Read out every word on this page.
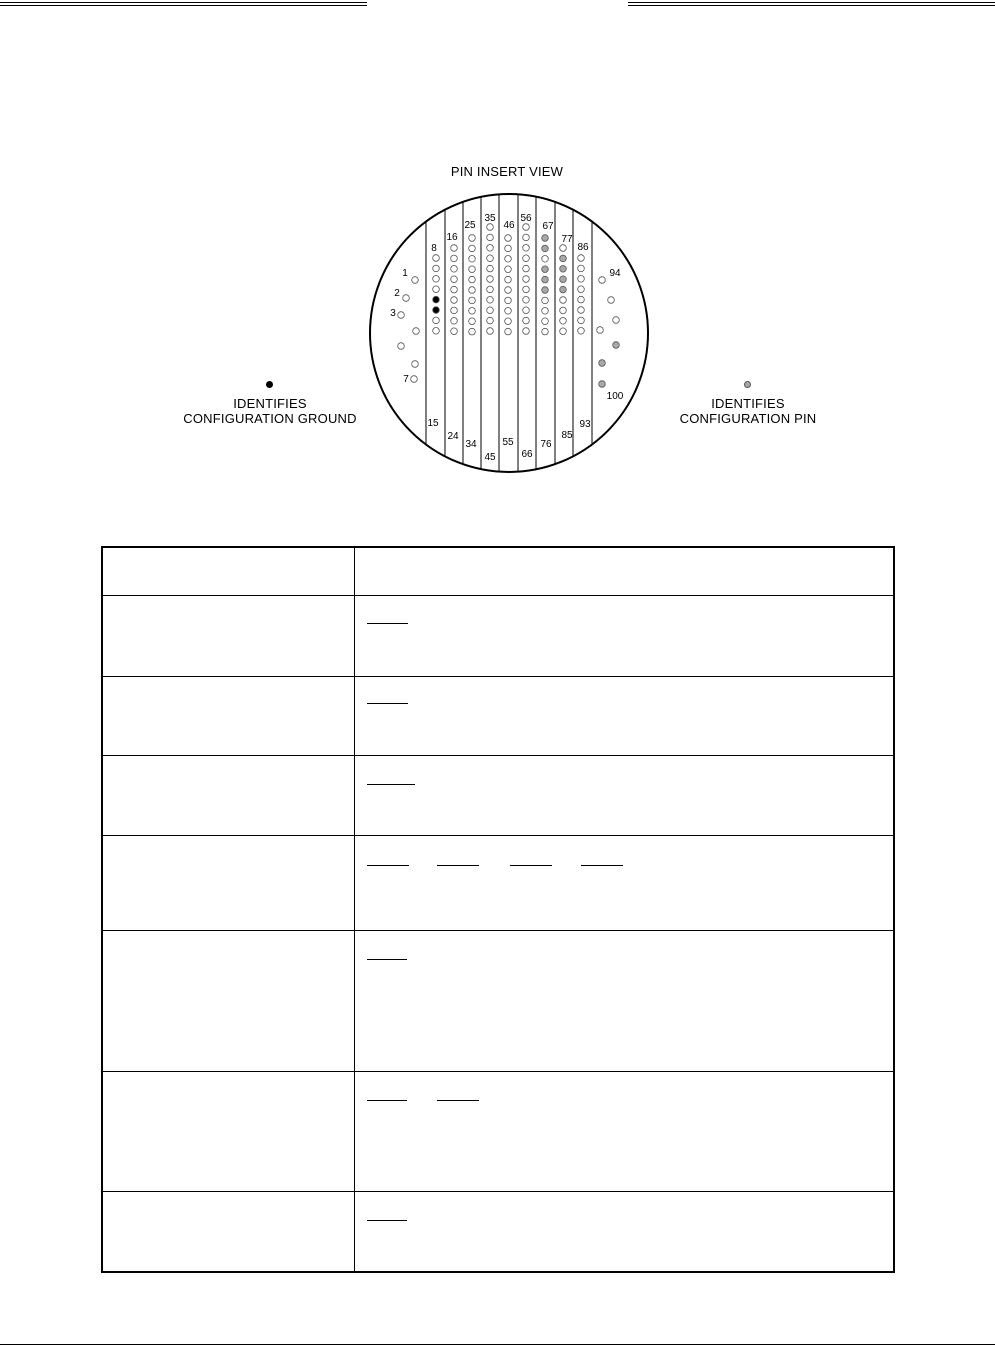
1
2
3
7
8
15
16
24
25
34
35
45
46
55
56
66
67
76
77
85
86
93
94
100
PIN INSERT VIEW
IDENTIFIES
CONFIGURATION GROUND
IDENTIFIES
CONFIGURATION PIN
